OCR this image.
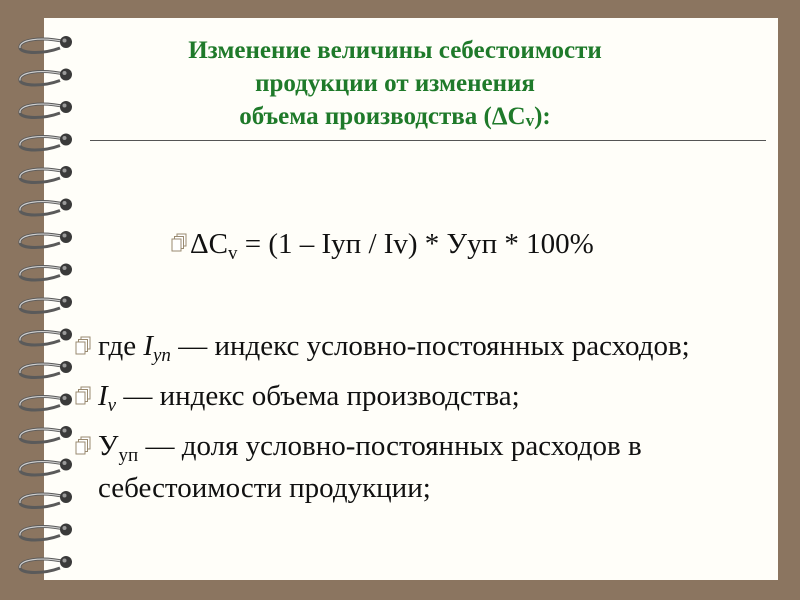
Изменение величины себестоимости
продукции от изменения
объема производства (ΔCv):
$\Delta C_v = (1$ – Iуп / Iv) * Уyп * 100%
где $I_{уп}$ — индекс условно-постоянных расходов;
$I_v$ — индекс объема производства;
$У_{уп}$ — доля условно-постоянных расходов в себестоимости продукции;
